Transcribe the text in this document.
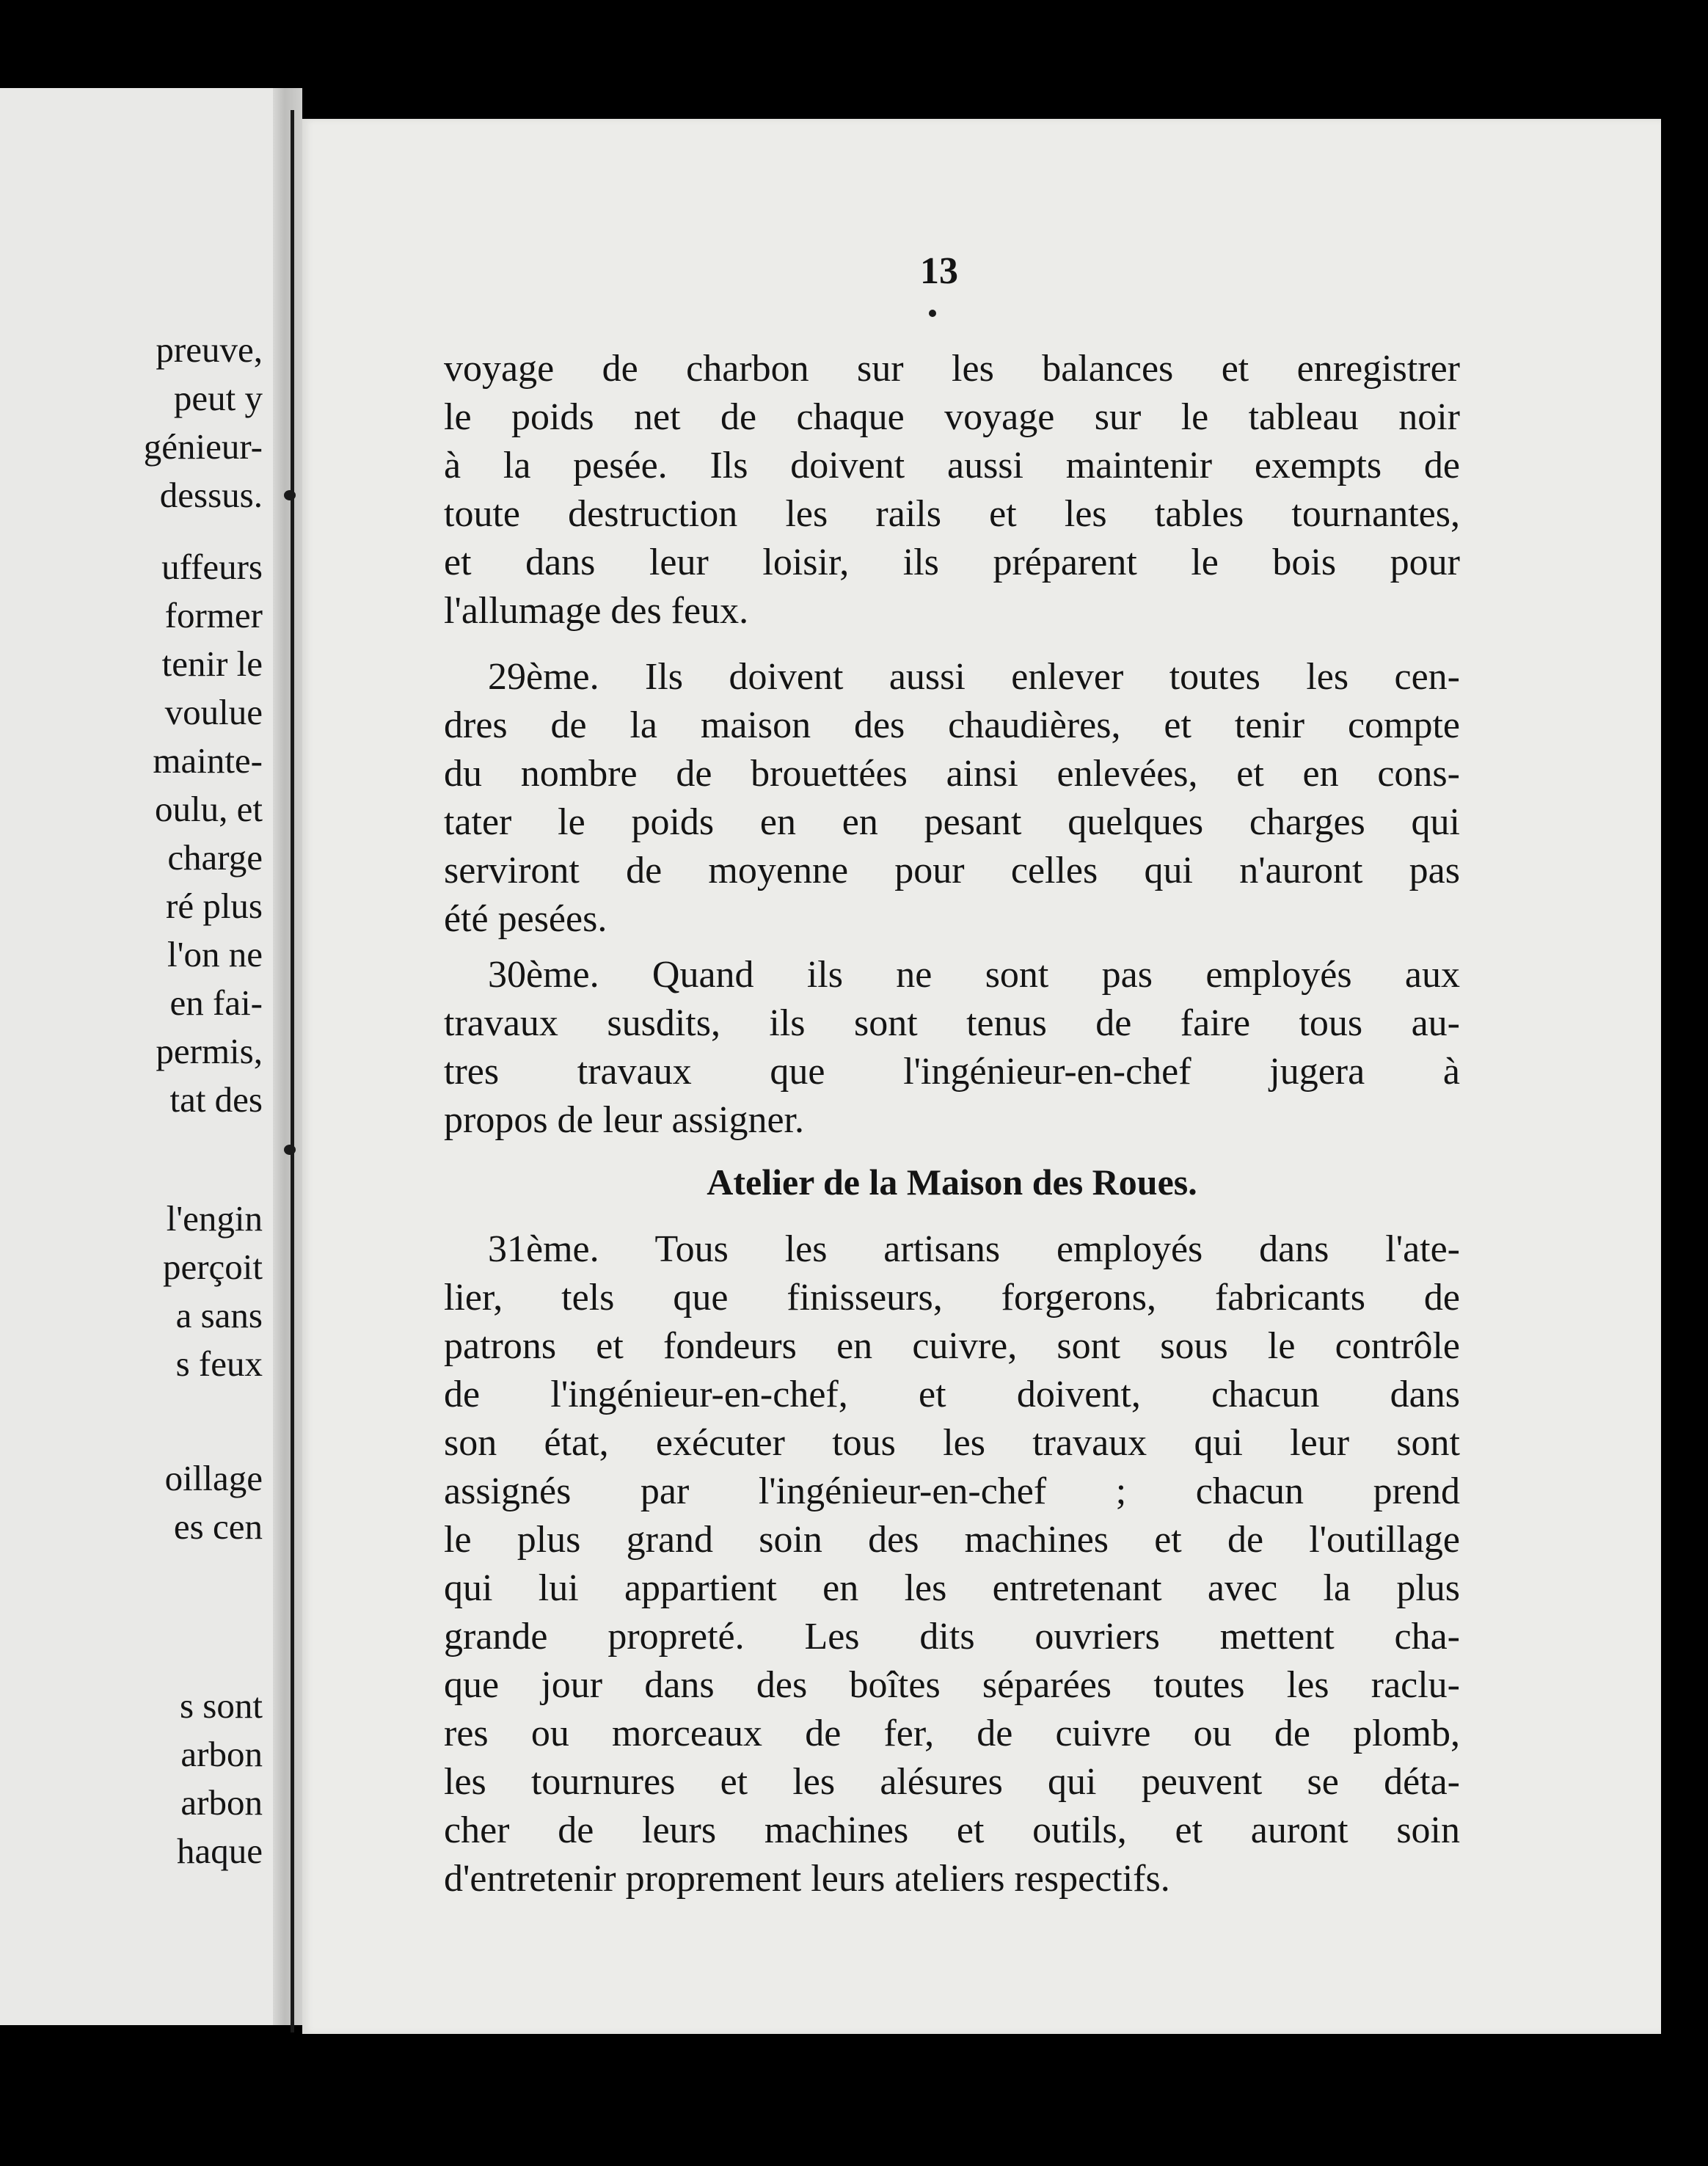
preuve,
peut y
génieur-
dessus.
uffeurs
former
tenir le
voulue
mainte-
oulu, et
charge
ré plus
l'on ne
en fai-
permis,
tat des
l'engin
perçoit
a sans
s feux
oillage
es cen
s sont
arbon
arbon
haque
13
voyage de charbon sur les balances et enregistrer
le poids net de chaque voyage sur le tableau noir
à la pesée. Ils doivent aussi maintenir exempts de
toute destruction les rails et les tables tournantes,
et dans leur loisir, ils préparent le bois pour
l'allumage des feux.
29ème. Ils doivent aussi enlever toutes les cen-
dres de la maison des chaudières, et tenir compte
du nombre de brouettées ainsi enlevées, et en cons-
tater le poids en en pesant quelques charges qui
serviront de moyenne pour celles qui n'auront pas
été pesées.
30ème. Quand ils ne sont pas employés aux
travaux susdits, ils sont tenus de faire tous au-
tres travaux que l'ingénieur-en-chef jugera à
propos de leur assigner.
Atelier de la Maison des Roues.
31ème. Tous les artisans employés dans l'ate-
lier, tels que finisseurs, forgerons, fabricants de
patrons et fondeurs en cuivre, sont sous le contrôle
de l'ingénieur-en-chef, et doivent, chacun dans
son état, exécuter tous les travaux qui leur sont
assignés par l'ingénieur-en-chef ; chacun prend
le plus grand soin des machines et de l'outillage
qui lui appartient en les entretenant avec la plus
grande propreté. Les dits ouvriers mettent cha-
que jour dans des boîtes séparées toutes les raclu-
res ou morceaux de fer, de cuivre ou de plomb,
les tournures et les alésures qui peuvent se déta-
cher de leurs machines et outils, et auront soin
d'entretenir proprement leurs ateliers respectifs.
